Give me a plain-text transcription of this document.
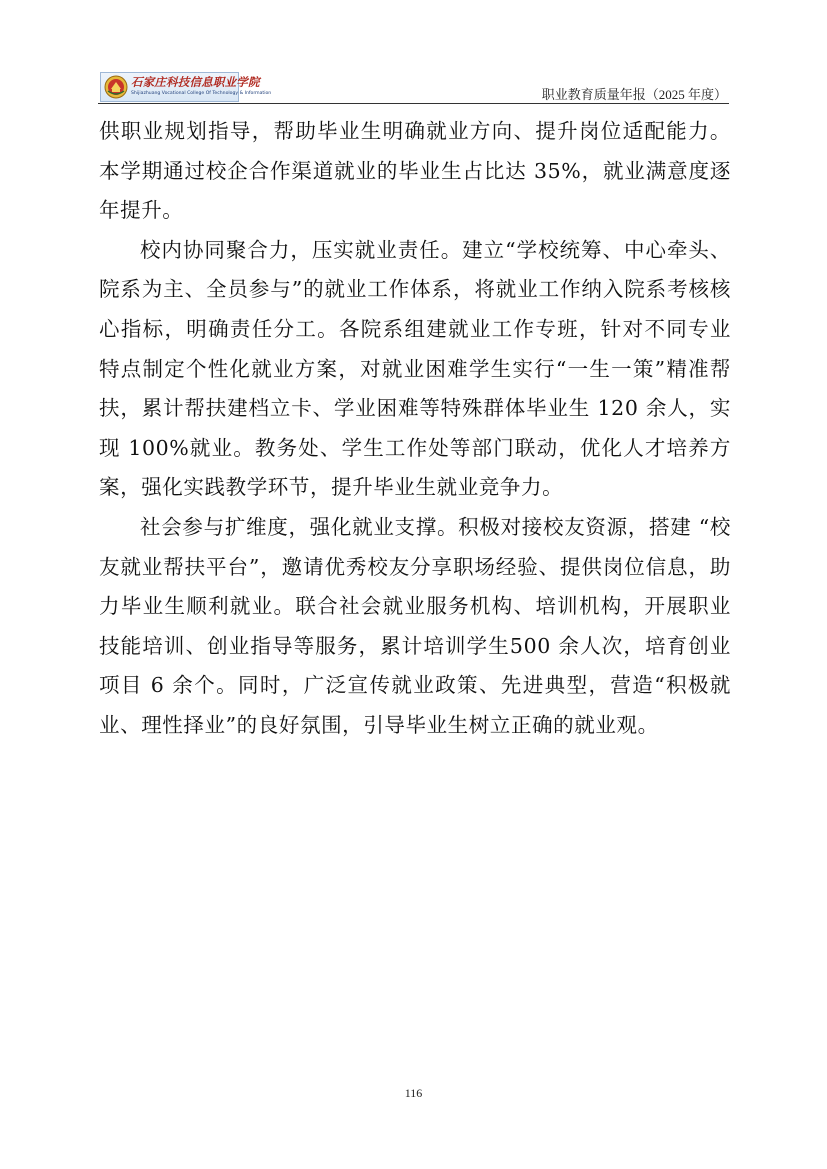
石家庄科技信息职业学院
Shijiazhuang Vocational College Of Technology & Information	职业教育质量年报（2025 年度）

供职业规划指导，帮助毕业生明确就业方向、提升岗位适配能力。本学期通过校企合作渠道就业的毕业生占比达 35%，就业满意度逐年提升。

校内协同聚合力，压实就业责任。建立“学校统筹、中心牵头、院系为主、全员参与”的就业工作体系，将就业工作纳入院系考核核心指标，明确责任分工。各院系组建就业工作专班，针对不同专业特点制定个性化就业方案，对就业困难学生实行“一生一策”精准帮扶，累计帮扶建档立卡、学业困难等特殊群体毕业生 120 余人，实现 100%就业。教务处、学生工作处等部门联动，优化人才培养方案，强化实践教学环节，提升毕业生就业竞争力。

社会参与扩维度，强化就业支撑。积极对接校友资源，搭建 “校友就业帮扶平台”，邀请优秀校友分享职场经验、提供岗位信息，助力毕业生顺利就业。联合社会就业服务机构、培训机构，开展职业技能培训、创业指导等服务，累计培训学生500 余人次，培育创业项目 6 余个。同时，广泛宣传就业政策、先进典型，营造“积极就业、理性择业”的良好氛围，引导毕业生树立正确的就业观。

116
